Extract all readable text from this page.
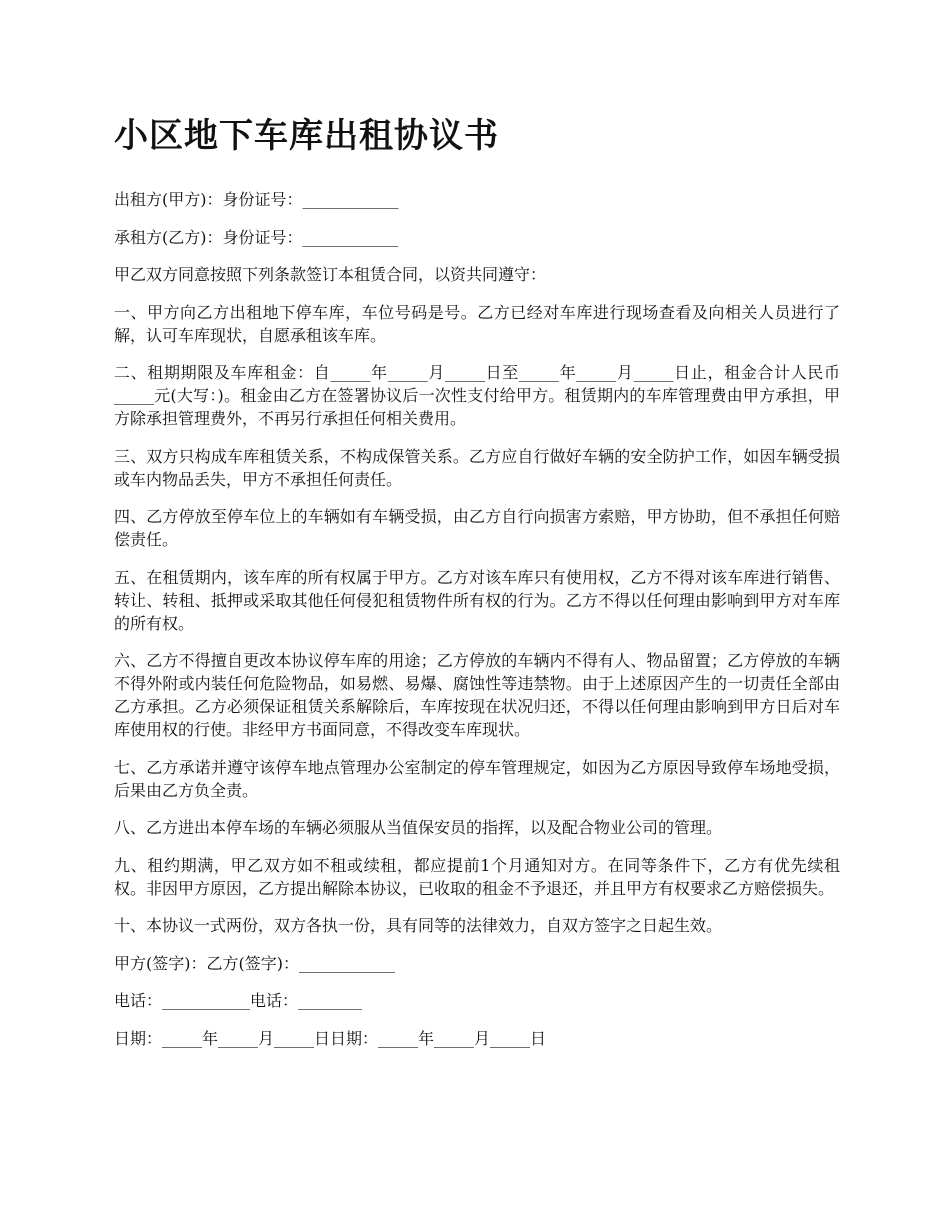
小区地下车库出租协议书

出租方(甲方)：身份证号：____________

承租方(乙方)：身份证号：____________

甲乙双方同意按照下列条款签订本租赁合同，以资共同遵守：

一、甲方向乙方出租地下停车库，车位号码是号。乙方已经对车库进行现场查看及向相关人员进行了解，认可车库现状，自愿承租该车库。

二、租期期限及车库租金：自_____年_____月_____日至_____年_____月_____日止，租金合计人民币_____元(大写：)。租金由乙方在签署协议后一次性支付给甲方。租赁期内的车库管理费由甲方承担，甲方除承担管理费外，不再另行承担任何相关费用。

三、双方只构成车库租赁关系，不构成保管关系。乙方应自行做好车辆的安全防护工作，如因车辆受损或车内物品丢失，甲方不承担任何责任。

四、乙方停放至停车位上的车辆如有车辆受损，由乙方自行向损害方索赔，甲方协助，但不承担任何赔偿责任。

五、在租赁期内，该车库的所有权属于甲方。乙方对该车库只有使用权，乙方不得对该车库进行销售、转让、转租、抵押或采取其他任何侵犯租赁物件所有权的行为。乙方不得以任何理由影响到甲方对车库的所有权。

六、乙方不得擅自更改本协议停车库的用途；乙方停放的车辆内不得有人、物品留置；乙方停放的车辆不得外附或内装任何危险物品，如易燃、易爆、腐蚀性等违禁物。由于上述原因产生的一切责任全部由乙方承担。乙方必须保证租赁关系解除后，车库按现在状况归还，不得以任何理由影响到甲方日后对车库使用权的行使。非经甲方书面同意，不得改变车库现状。

七、乙方承诺并遵守该停车地点管理办公室制定的停车管理规定，如因为乙方原因导致停车场地受损，后果由乙方负全责。

八、乙方进出本停车场的车辆必须服从当值保安员的指挥，以及配合物业公司的管理。

九、租约期满，甲乙双方如不租或续租，都应提前1个月通知对方。在同等条件下，乙方有优先续租权。非因甲方原因，乙方提出解除本协议，已收取的租金不予退还，并且甲方有权要求乙方赔偿损失。

十、本协议一式两份，双方各执一份，具有同等的法律效力，自双方签字之日起生效。

甲方(签字)：乙方(签字)：____________

电话：___________电话：________

日期：_____年_____月_____日日期：_____年_____月_____日
